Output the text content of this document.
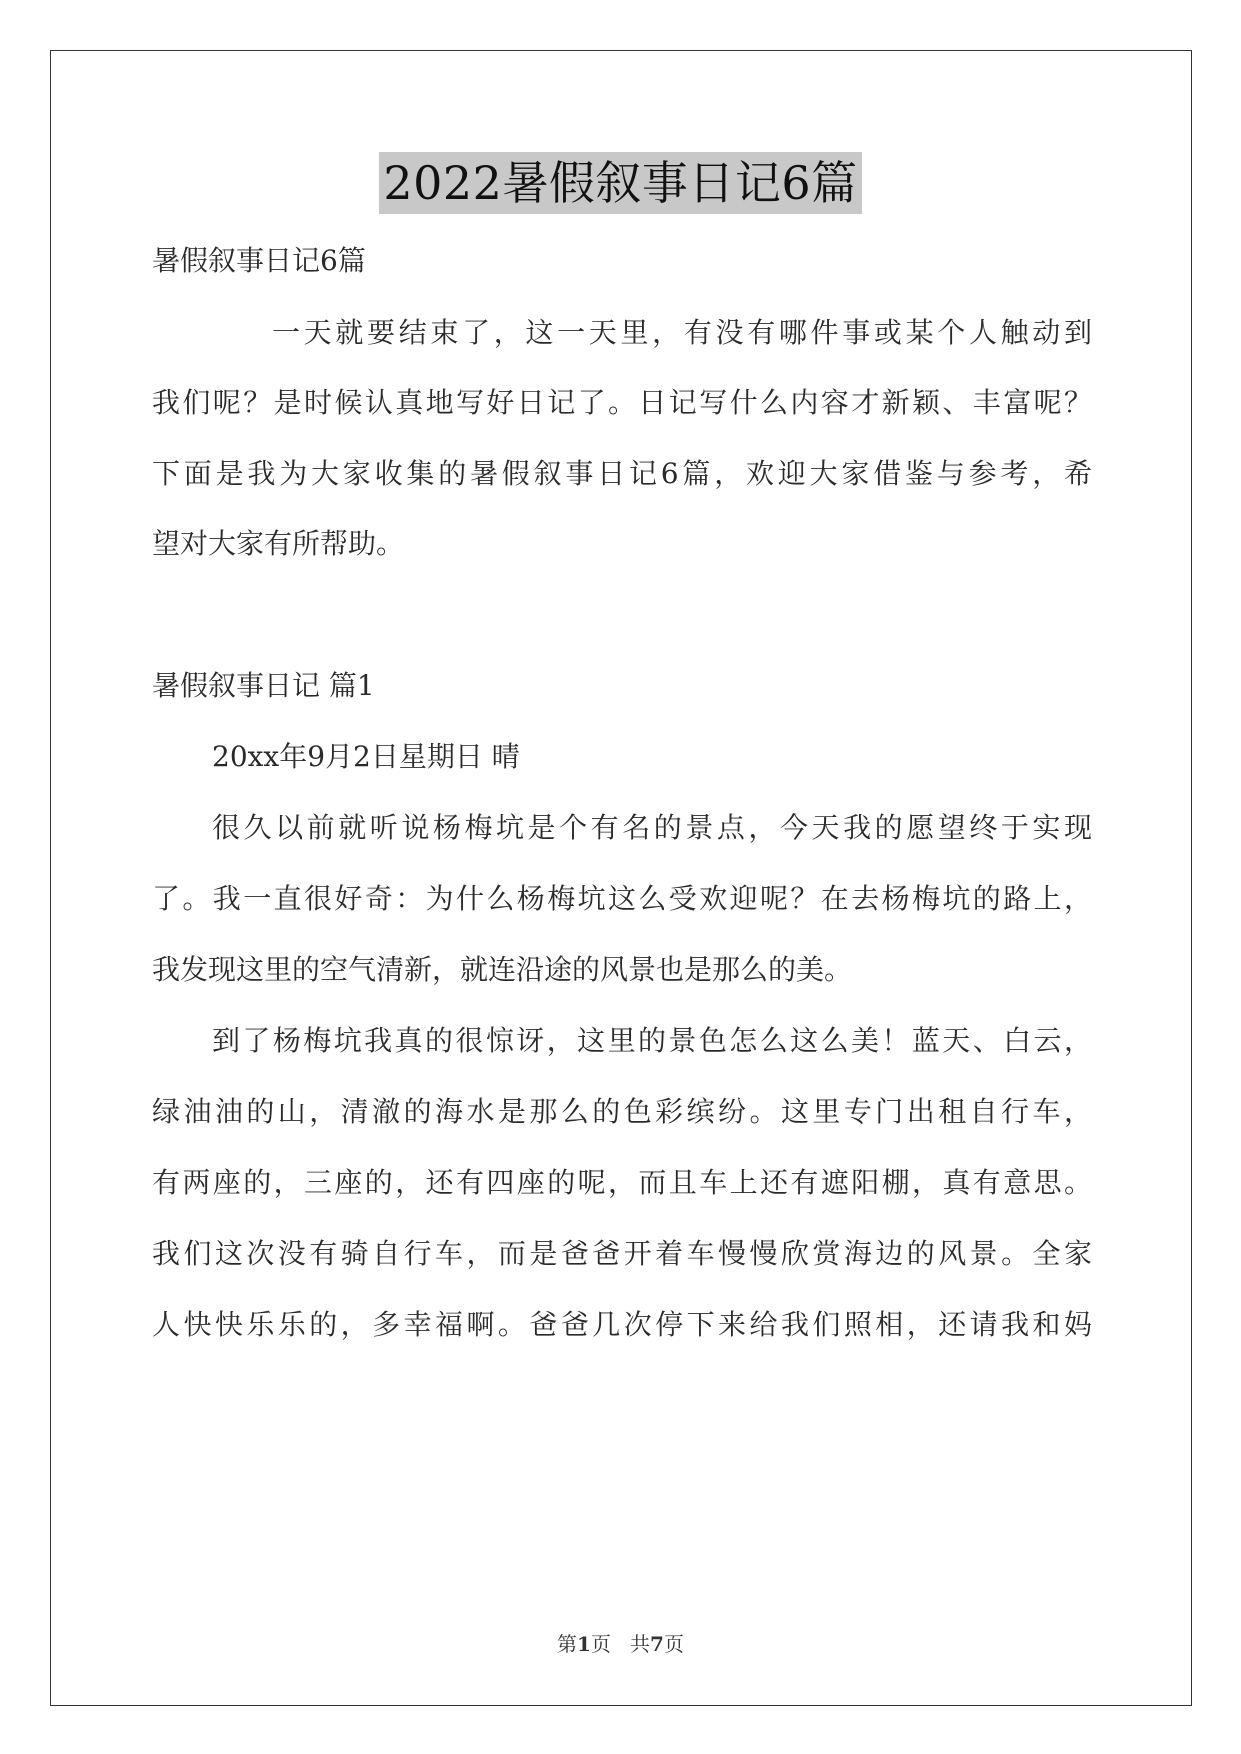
2022暑假叙事日记6篇
暑假叙事日记6篇
一天就要结束了，这一天里，有没有哪件事或某个人触动到
我们呢？是时候认真地写好日记了。日记写什么内容才新颖、丰富呢？
下面是我为大家收集的暑假叙事日记6篇，欢迎大家借鉴与参考，希
望对大家有所帮助。
暑假叙事日记 篇1
20xx年9月2日星期日 晴
很久以前就听说杨梅坑是个有名的景点，今天我的愿望终于实现
了。我一直很好奇：为什么杨梅坑这么受欢迎呢？在去杨梅坑的路上，
我发现这里的空气清新，就连沿途的风景也是那么的美。
到了杨梅坑我真的很惊讶，这里的景色怎么这么美！蓝天、白云，
绿油油的山，清澈的海水是那么的色彩缤纷。这里专门出租自行车，
有两座的，三座的，还有四座的呢，而且车上还有遮阳棚，真有意思。
我们这次没有骑自行车，而是爸爸开着车慢慢欣赏海边的风景。全家
人快快乐乐的，多幸福啊。爸爸几次停下来给我们照相，还请我和妈
第1页 共7页
